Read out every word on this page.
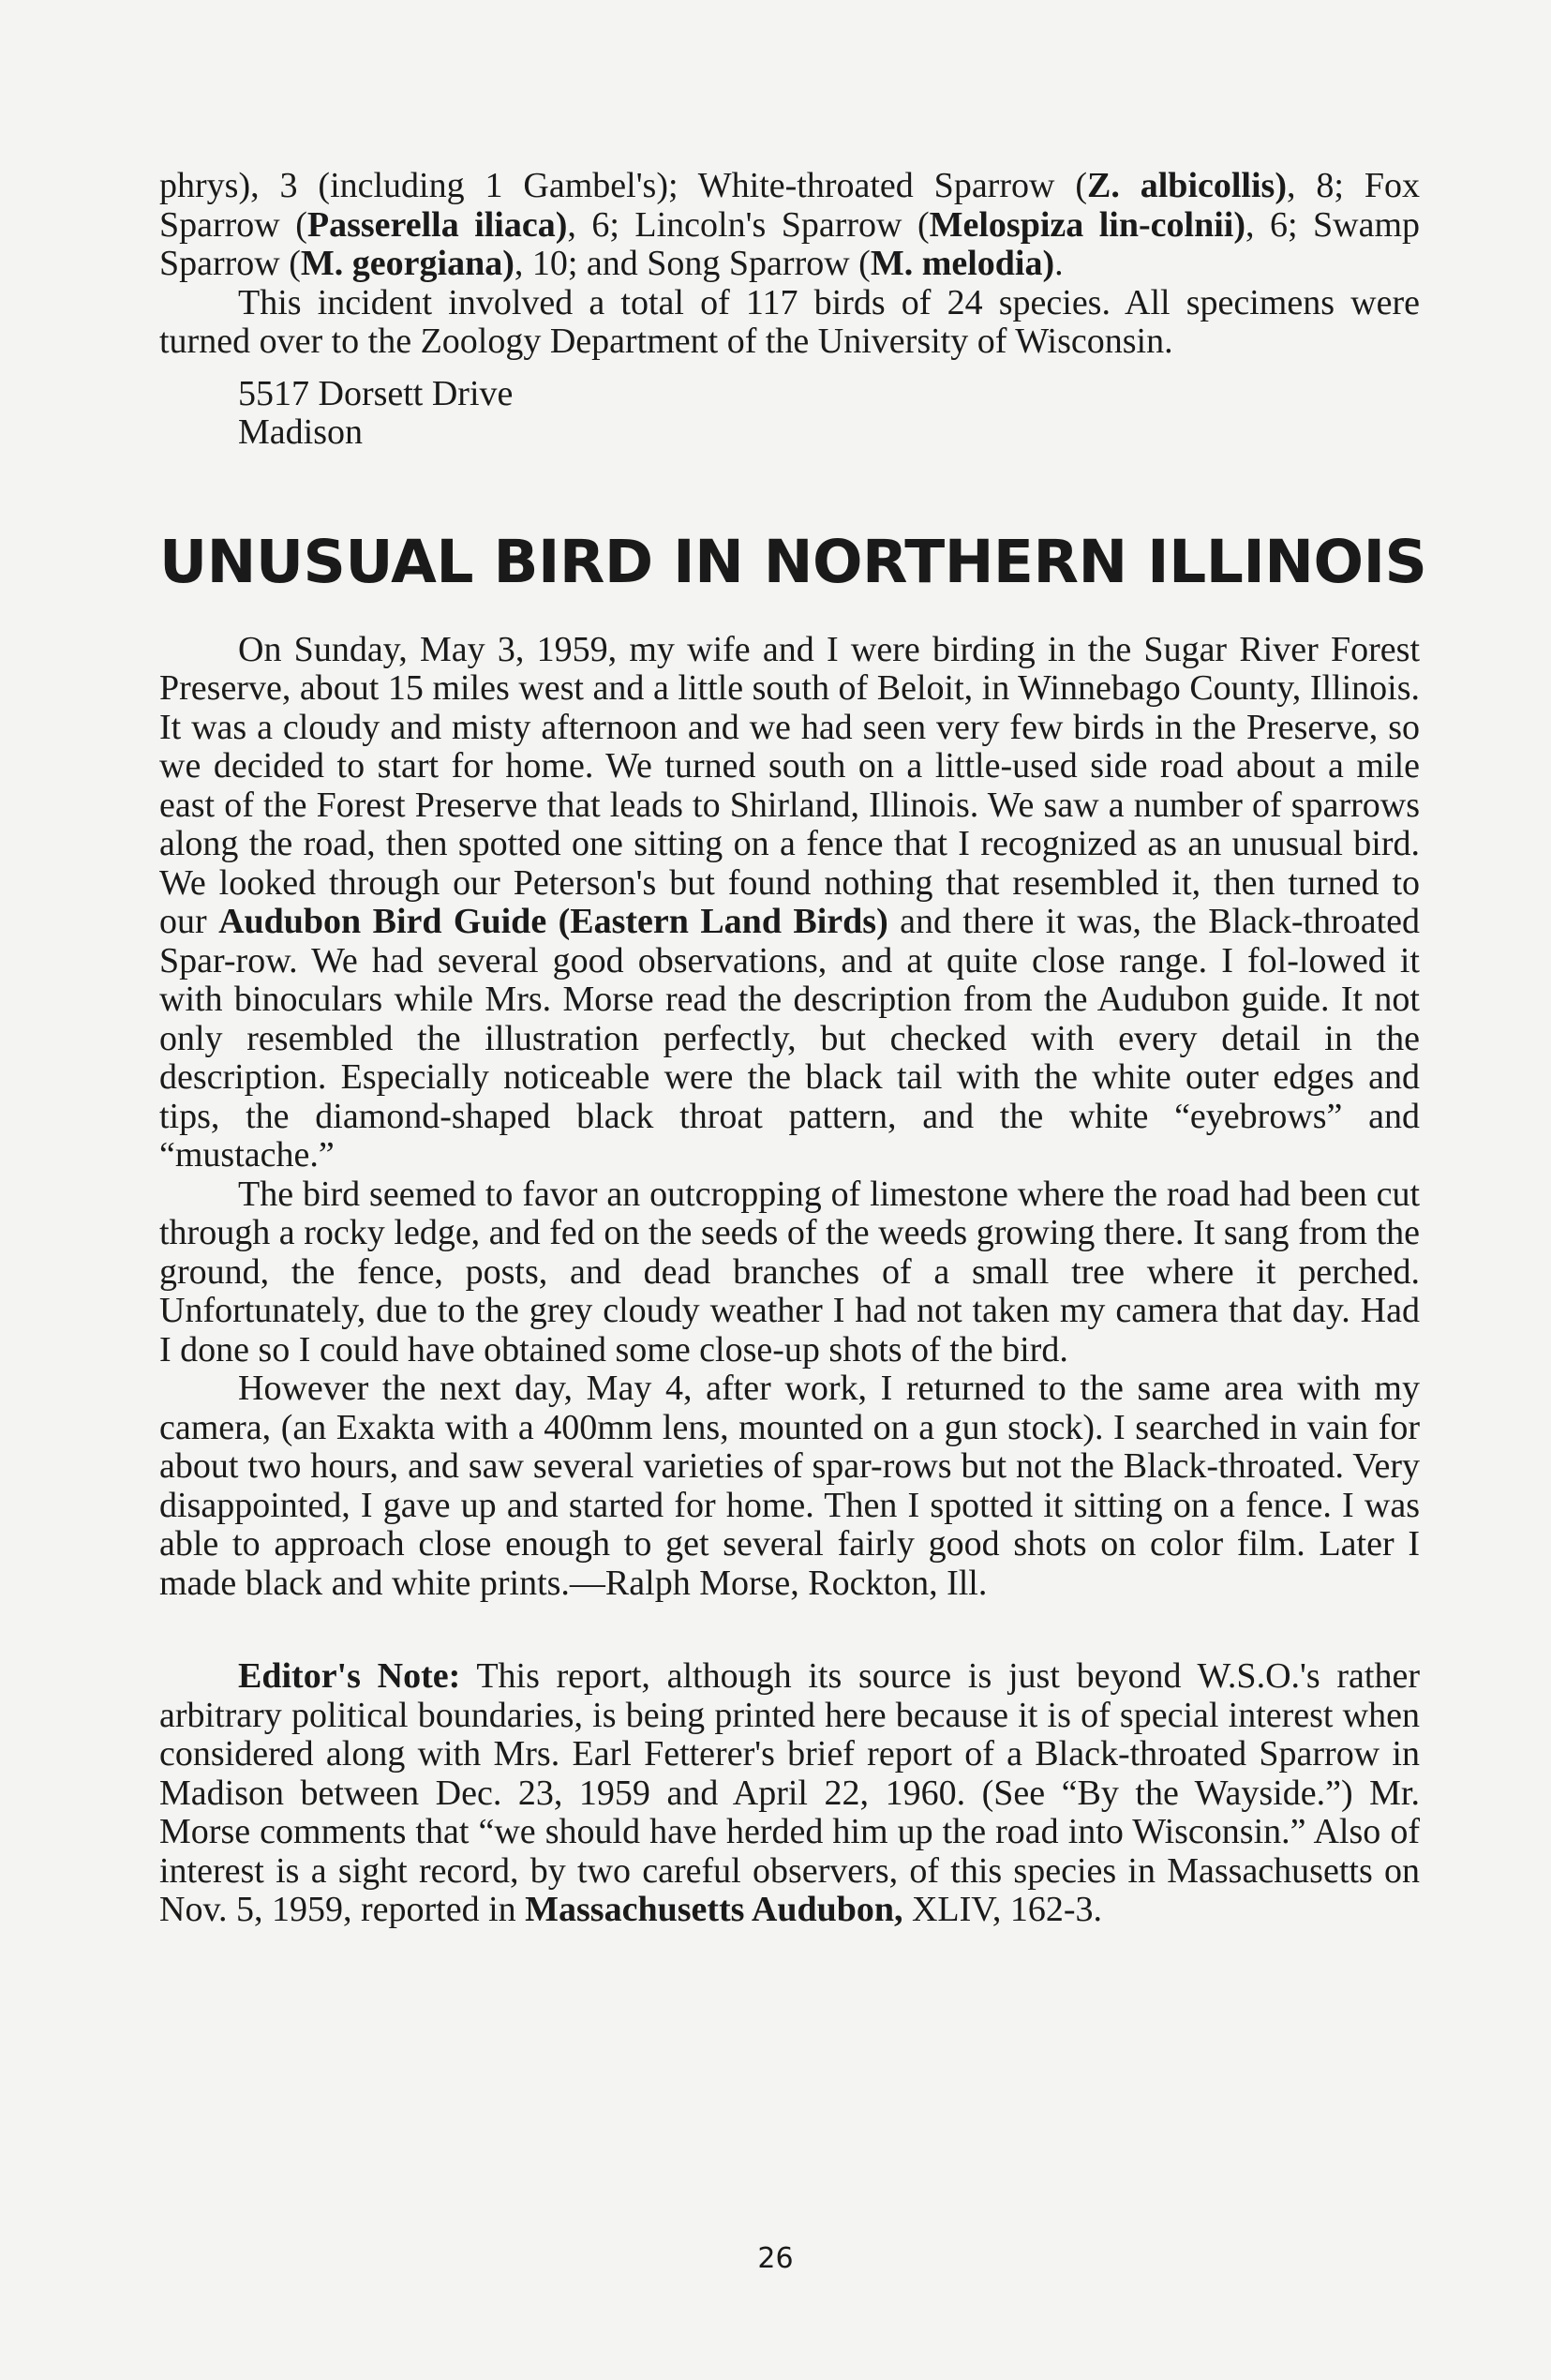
phrys), 3 (including 1 Gambel's); White-throated Sparrow (Z. albicollis), 8; Fox Sparrow (Passerella iliaca), 6; Lincoln's Sparrow (Melospiza lin-colnii), 6; Swamp Sparrow (M. georgiana), 10; and Song Sparrow (M. melodia).

This incident involved a total of 117 birds of 24 species. All specimens were turned over to the Zoology Department of the University of Wisconsin.

5517 Dorsett Drive
Madison
UNUSUAL BIRD IN NORTHERN ILLINOIS

On Sunday, May 3, 1959, my wife and I were birding in the Sugar River Forest Preserve, about 15 miles west and a little south of Beloit, in Winnebago County, Illinois. It was a cloudy and misty afternoon and we had seen very few birds in the Preserve, so we decided to start for home. We turned south on a little-used side road about a mile east of the Forest Preserve that leads to Shirland, Illinois. We saw a number of sparrows along the road, then spotted one sitting on a fence that I recognized as an unusual bird. We looked through our Peterson's but found nothing that resembled it, then turned to our Audubon Bird Guide (Eastern Land Birds) and there it was, the Black-throated Spar-row. We had several good observations, and at quite close range. I fol-lowed it with binoculars while Mrs. Morse read the description from the Audubon guide. It not only resembled the illustration perfectly, but checked with every detail in the description. Especially noticeable were the black tail with the white outer edges and tips, the diamond-shaped black throat pattern, and the white “eyebrows” and “mustache.”

The bird seemed to favor an outcropping of limestone where the road had been cut through a rocky ledge, and fed on the seeds of the weeds growing there. It sang from the ground, the fence, posts, and dead branches of a small tree where it perched. Unfortunately, due to the grey cloudy weather I had not taken my camera that day. Had I done so I could have obtained some close-up shots of the bird.

However the next day, May 4, after work, I returned to the same area with my camera, (an Exakta with a 400mm lens, mounted on a gun stock). I searched in vain for about two hours, and saw several varieties of spar-rows but not the Black-throated. Very disappointed, I gave up and started for home. Then I spotted it sitting on a fence. I was able to approach close enough to get several fairly good shots on color film. Later I made black and white prints.—Ralph Morse, Rockton, Ill.

Editor's Note: This report, although its source is just beyond W.S.O.'s rather arbitrary political boundaries, is being printed here because it is of special interest when considered along with Mrs. Earl Fetterer's brief report of a Black-throated Sparrow in Madison between Dec. 23, 1959 and April 22, 1960. (See “By the Wayside.”) Mr. Morse comments that “we should have herded him up the road into Wisconsin.” Also of interest is a sight record, by two careful observers, of this species in Massachusetts on Nov. 5, 1959, reported in Massachusetts Audubon, XLIV, 162-3.

26
